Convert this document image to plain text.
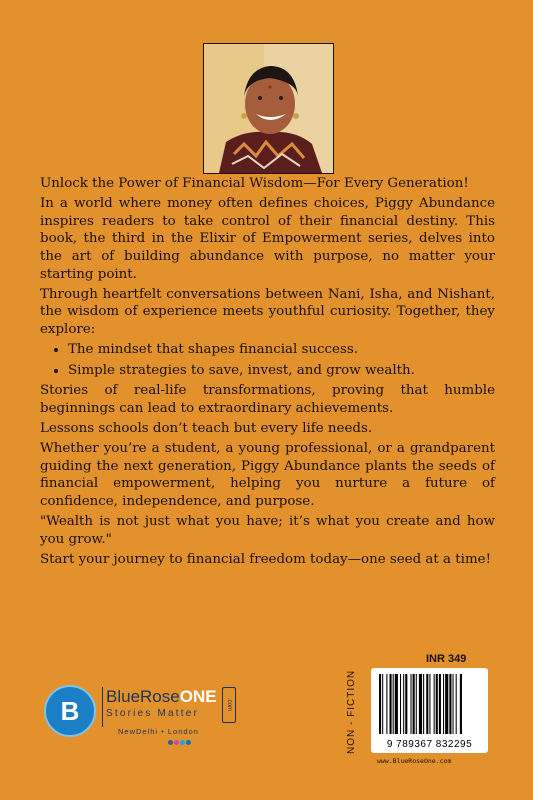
Unlock the Power of Financial Wisdom—For Every Generation!

In a world where money often defines choices, Piggy Abundance inspires readers to take control of their financial destiny. This book, the third in the Elixir of Empowerment series, delves into the art of building abundance with purpose, no matter your starting point.

Through heartfelt conversations between Nani, Isha, and Nishant, the wisdom of experience meets youthful curiosity. Together, they explore:

• The mindset that shapes financial success.
• Simple strategies to save, invest, and grow wealth.

Stories of real-life transformations, proving that humble beginnings can lead to extraordinary achievements.

Lessons schools don’t teach but every life needs.

Whether you’re a student, a young professional, or a grandparent guiding the next generation, Piggy Abundance plants the seeds of financial empowerment, helping you nurture a future of confidence, independence, and purpose.

"Wealth is not just what you have; it’s what you create and how you grow."

Start your journey to financial freedom today—one seed at a time!

B BlueRoseONE	.com
Stories Matter
NewDelhi • London
INR 349
NON - FICTION	9 789367 832295
www.BlueRoseOne.com
